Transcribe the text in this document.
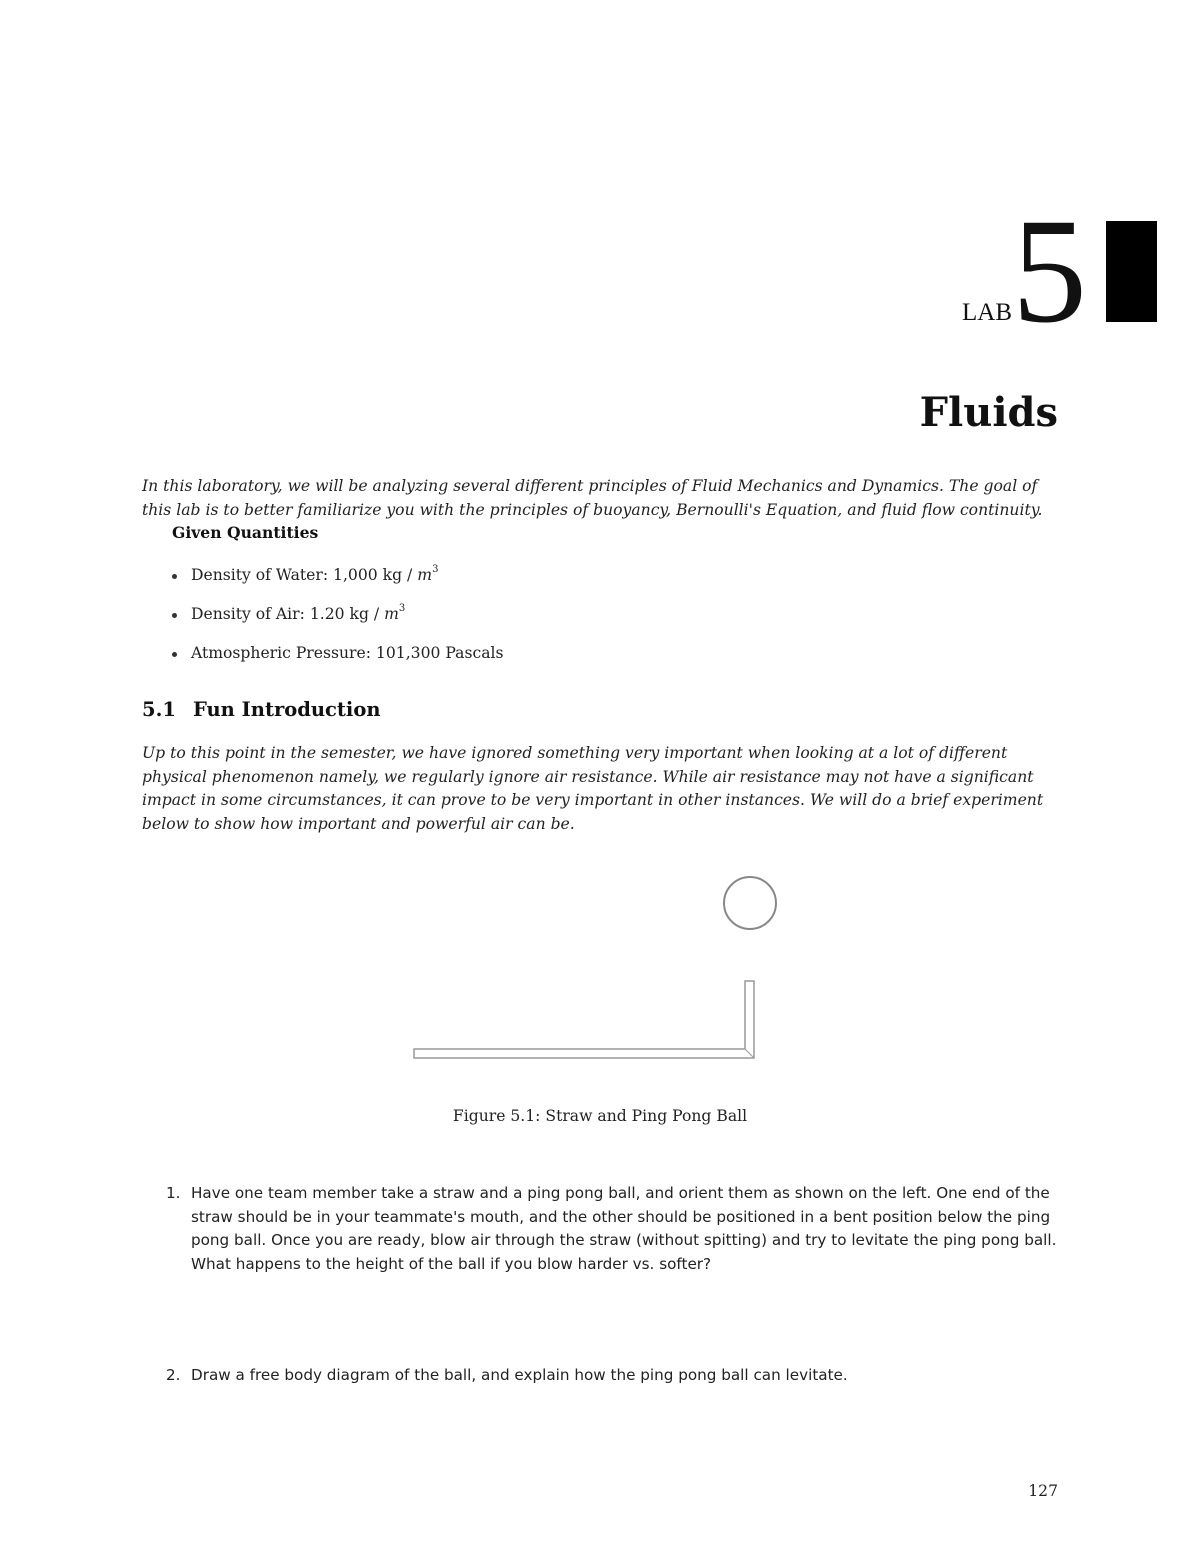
LAB 5
Fluids
In this laboratory, we will be analyzing several different principles of Fluid Mechanics and Dynamics. The goal of this lab is to better familiarize you with the principles of buoyancy, Bernoulli's Equation, and fluid flow continuity.
Given Quantities
Density of Water: 1,000 kg / $m^3$
Density of Air: 1.20 kg / $m^3$
Atmospheric Pressure: 101,300 Pascals
5.1 Fun Introduction
Up to this point in the semester, we have ignored something very important when looking at a lot of different physical phenomenon namely, we regularly ignore air resistance. While air resistance may not have a significant impact in some circumstances, it can prove to be very important in other instances. We will do a brief experiment below to show how important and powerful air can be.
Figure 5.1: Straw and Ping Pong Ball
1. Have one team member take a straw and a ping pong ball, and orient them as shown on the left. One end of the straw should be in your teammate's mouth, and the other should be positioned in a bent position below the ping pong ball. Once you are ready, blow air through the straw (without spitting) and try to levitate the ping pong ball. What happens to the height of the ball if you blow harder vs. softer?
2. Draw a free body diagram of the ball, and explain how the ping pong ball can levitate.
127
